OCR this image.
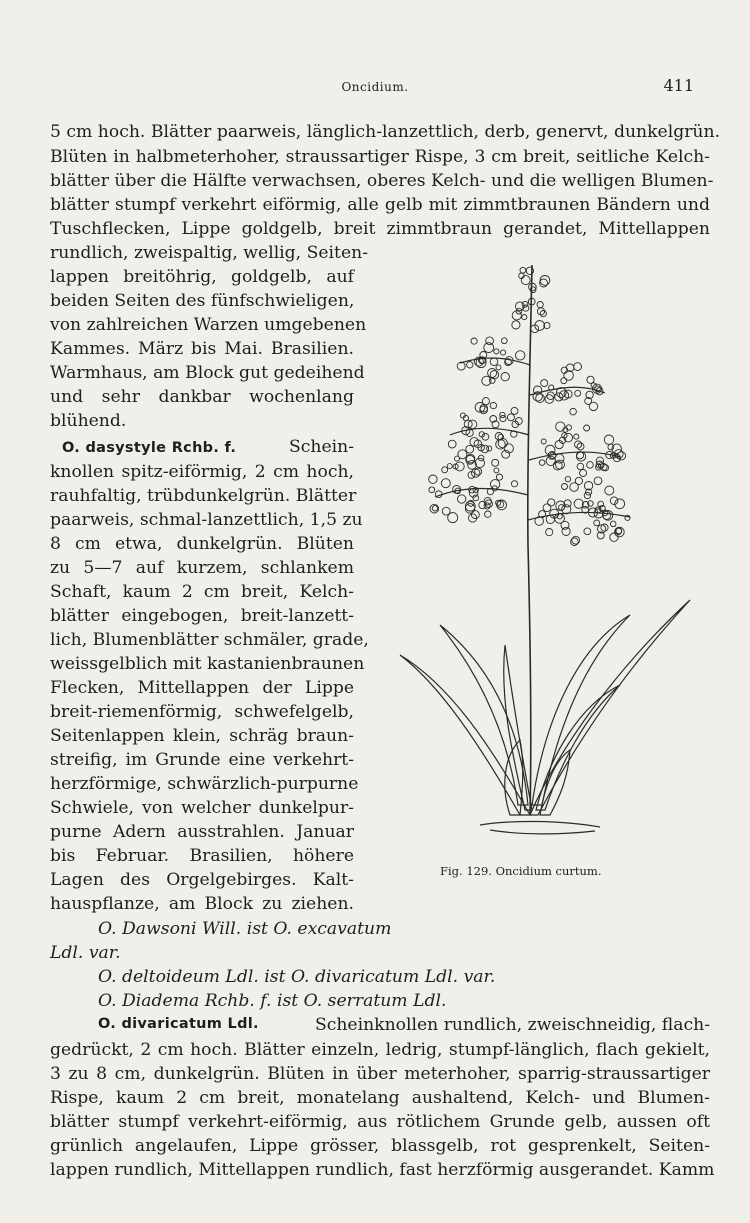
Oncidium.	411
5 cm hoch. Blätter paarweis, länglich-lanzettlich, derb, genervt, dunkelgrün.
Blüten in halbmeterhoher, straussartiger Rispe, 3 cm breit, seitliche Kelch-
blätter über die Hälfte verwachsen, oberes Kelch- und die welligen Blumen-
blätter stumpf verkehrt eiförmig, alle gelb mit zimmtbraunen Bändern und
Tuschflecken, Lippe goldgelb, breit zimmtbraun gerandet, Mittellappen
rundlich, zweispaltig, wellig, Seiten-
lappen breitöhrig, goldgelb, auf
beiden Seiten des fünfschwieligen,
von zahlreichen Warzen umgebenen
Kammes. März bis Mai. Brasilien.
Warmhaus, am Block gut gedeihend
und sehr dankbar wochenlang
blühend.
O. dasystyle Rchb. f.	Schein-
knollen spitz-eiförmig, 2 cm hoch,
rauhfaltig, trübdunkelgrün. Blätter
paarweis, schmal-lanzettlich, 1,5 zu
8 cm etwa, dunkelgrün. Blüten
zu 5—7 auf kurzem, schlankem
Schaft, kaum 2 cm breit, Kelch-
blätter eingebogen, breit-lanzett-
lich, Blumenblätter schmäler, grade,
weissgelblich mit kastanienbraunen
Flecken, Mittellappen der Lippe
breit-riemenförmig, schwefelgelb,
Seitenlappen klein, schräg braun-
streifig, im Grunde eine verkehrt-
herzförmige, schwärzlich-purpurne
Schwiele, von welcher dunkelpur-
purne Adern ausstrahlen. Januar
bis Februar. Brasilien, höhere
Lagen des Orgelgebirges. Kalt-
hauspflanze, am Block zu ziehen.
O. Dawsoni Will. ist O. excavatum
Ldl. var.
O. deltoideum Ldl. ist O. divaricatum Ldl. var.
O. Diadema Rchb. f. ist O. serratum Ldl.
O. divaricatum Ldl.	Scheinknollen rundlich, zweischneidig, flach-
gedrückt, 2 cm hoch. Blätter einzeln, ledrig, stumpf-länglich, flach gekielt,
3 zu 8 cm, dunkelgrün. Blüten in über meterhoher, sparrig-straussartiger
Rispe, kaum 2 cm breit, monatelang aushaltend, Kelch- und Blumen-
blätter stumpf verkehrt-eiförmig, aus rötlichem Grunde gelb, aussen oft
grünlich angelaufen, Lippe grösser, blassgelb, rot gesprenkelt, Seiten-
lappen rundlich, Mittellappen rundlich, fast herzförmig ausgerandet. Kamm
Fig. 129. Oncidium curtum.
